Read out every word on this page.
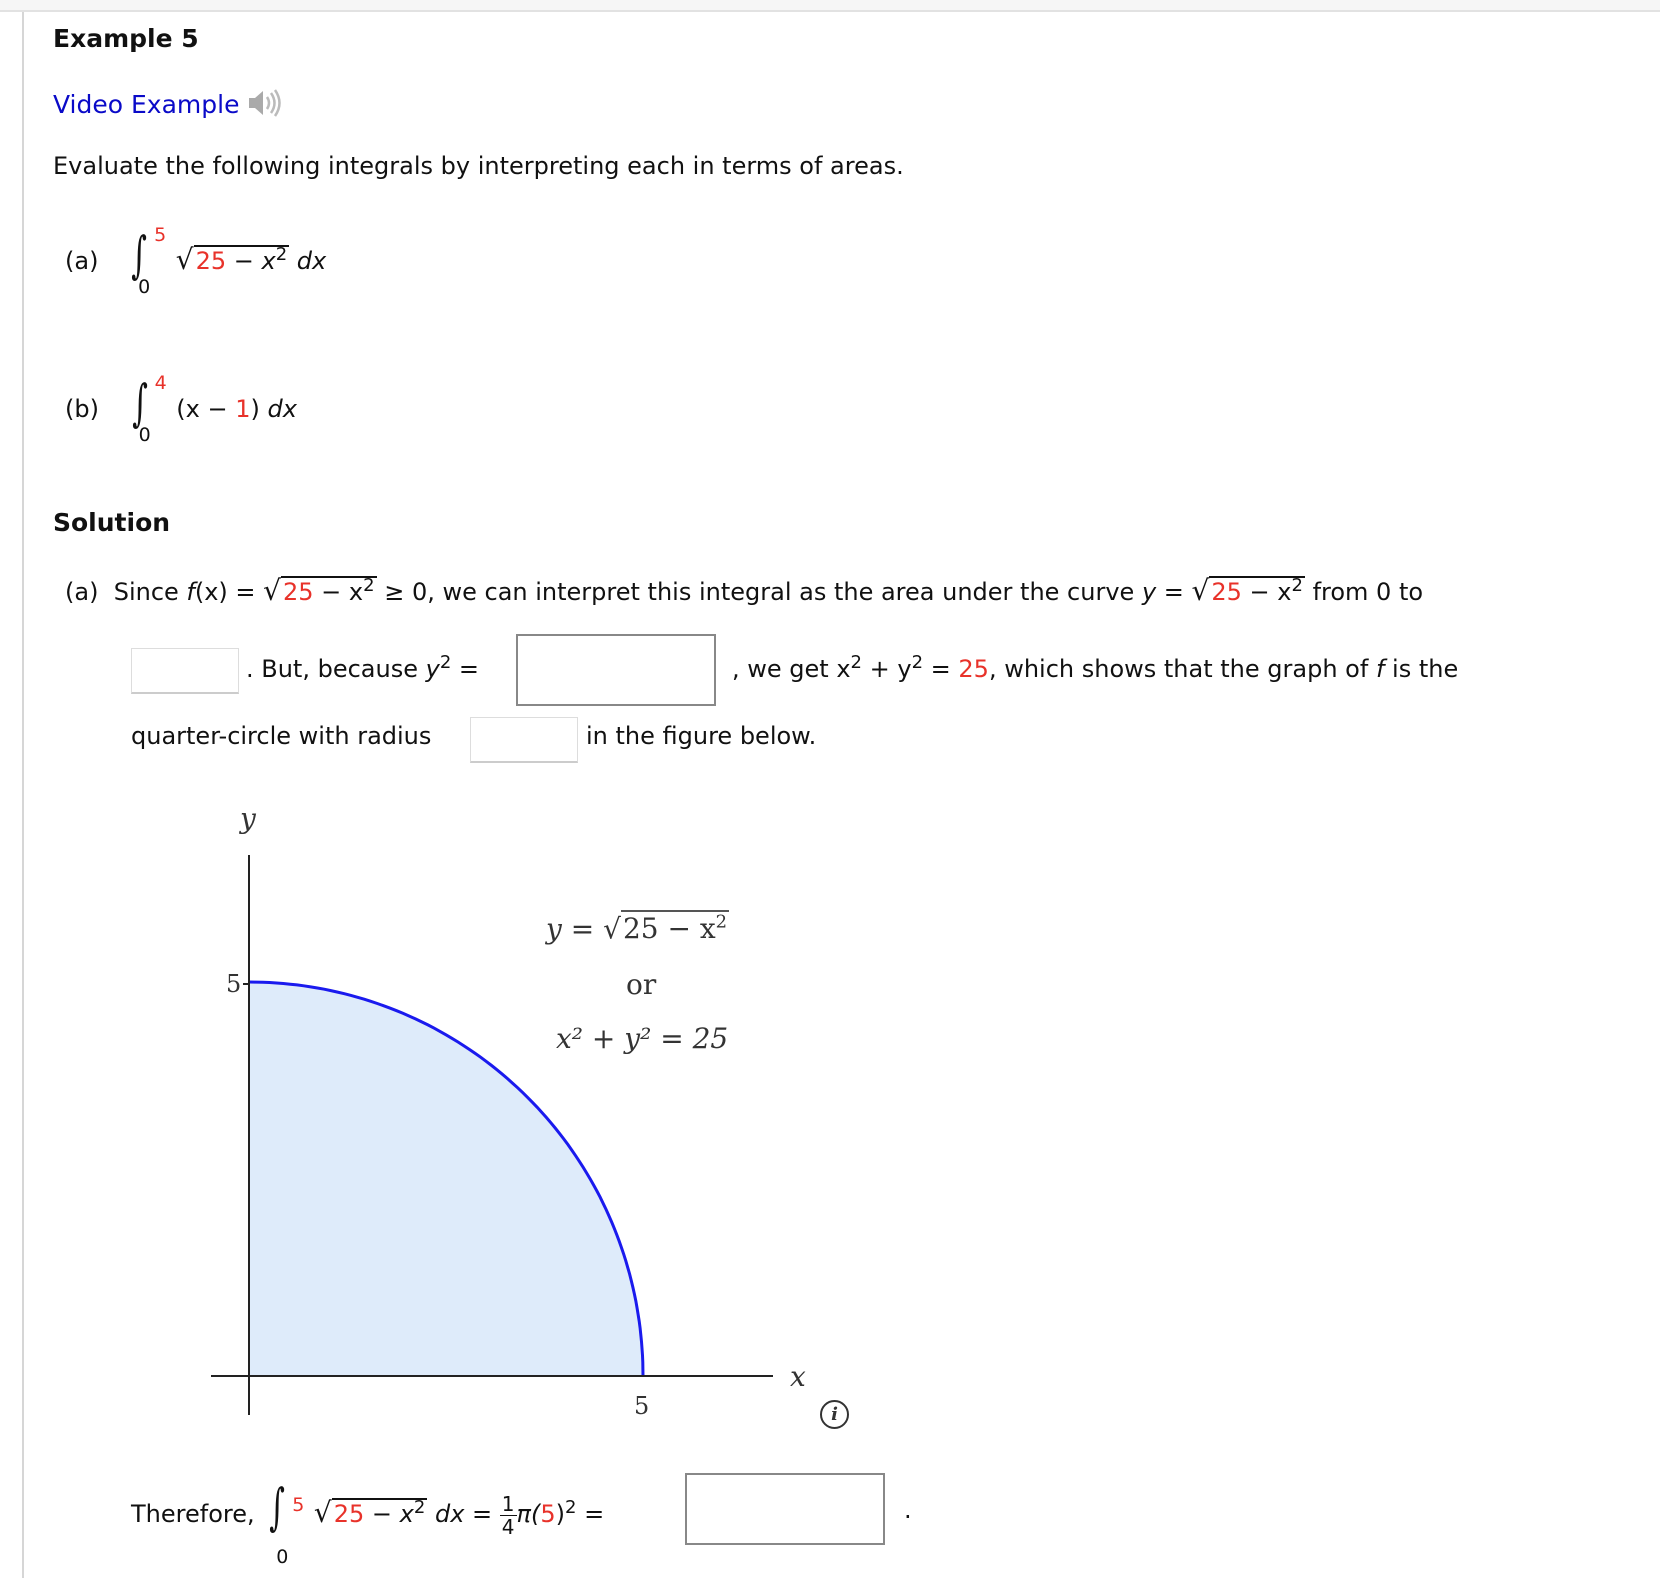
Example 5
Video Example
Evaluate the following integrals by interpreting each in terms of areas.
(a) ∫ 5
0
$√25 - x^2$ dx
(b) ∫ 4
0
(x − 1) dx
Solution
(a) Since $f(x) = √25 - x^2 \ge 0$, we can interpret this integral as the area under the curve $y = √25 - x^2$ from 0 to
. But, because $y^2$ =	, we get $x^2 + y^2 = 25$, which shows that the graph of f is the
quarter-circle with radius	in the figure below.
y
x
5
5
$y = √25 - x^2$
or
x² + y² = 25
i
Therefore, ∫ 5
0
$√25 - x^2$ dx = $\frac{1}{4} \pi(5)^2$ =	.
